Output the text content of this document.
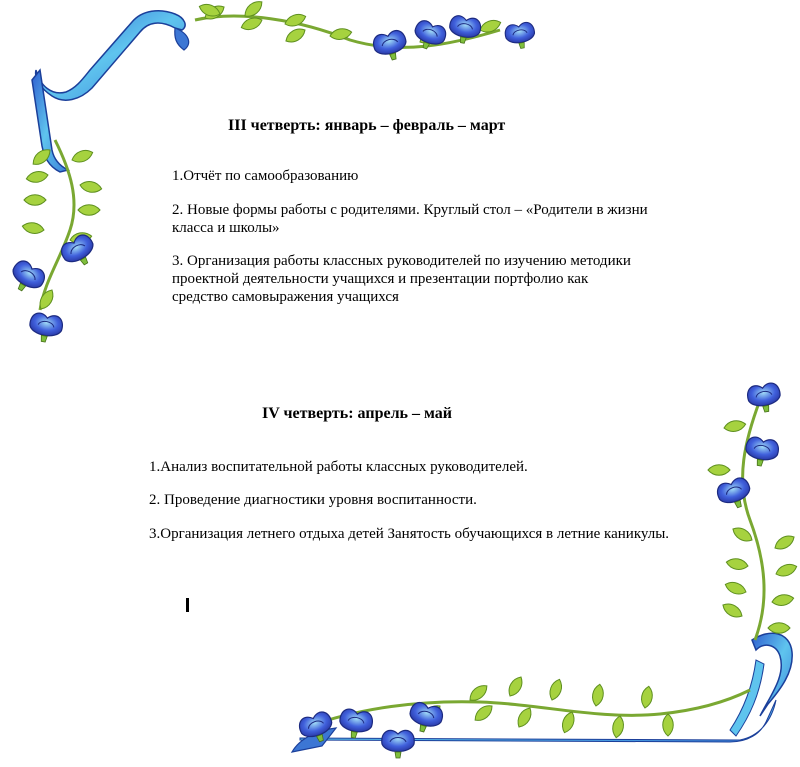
III четверть: январь – февраль – март

1.Отчёт по самообразованию

2. Новые формы работы с родителями. Круглый стол – «Родители в жизни класса и школы»

3. Организация работы классных руководителей по изучению методики проектной деятельности учащихся и презентации портфолио как средство самовыражения учащихся

IV четверть: апрель – май

1.Анализ воспитательной работы классных руководителей.

2. Проведение диагностики уровня воспитанности.

3.Организация летнего отдыха детей Занятость обучающихся в летние каникулы.
